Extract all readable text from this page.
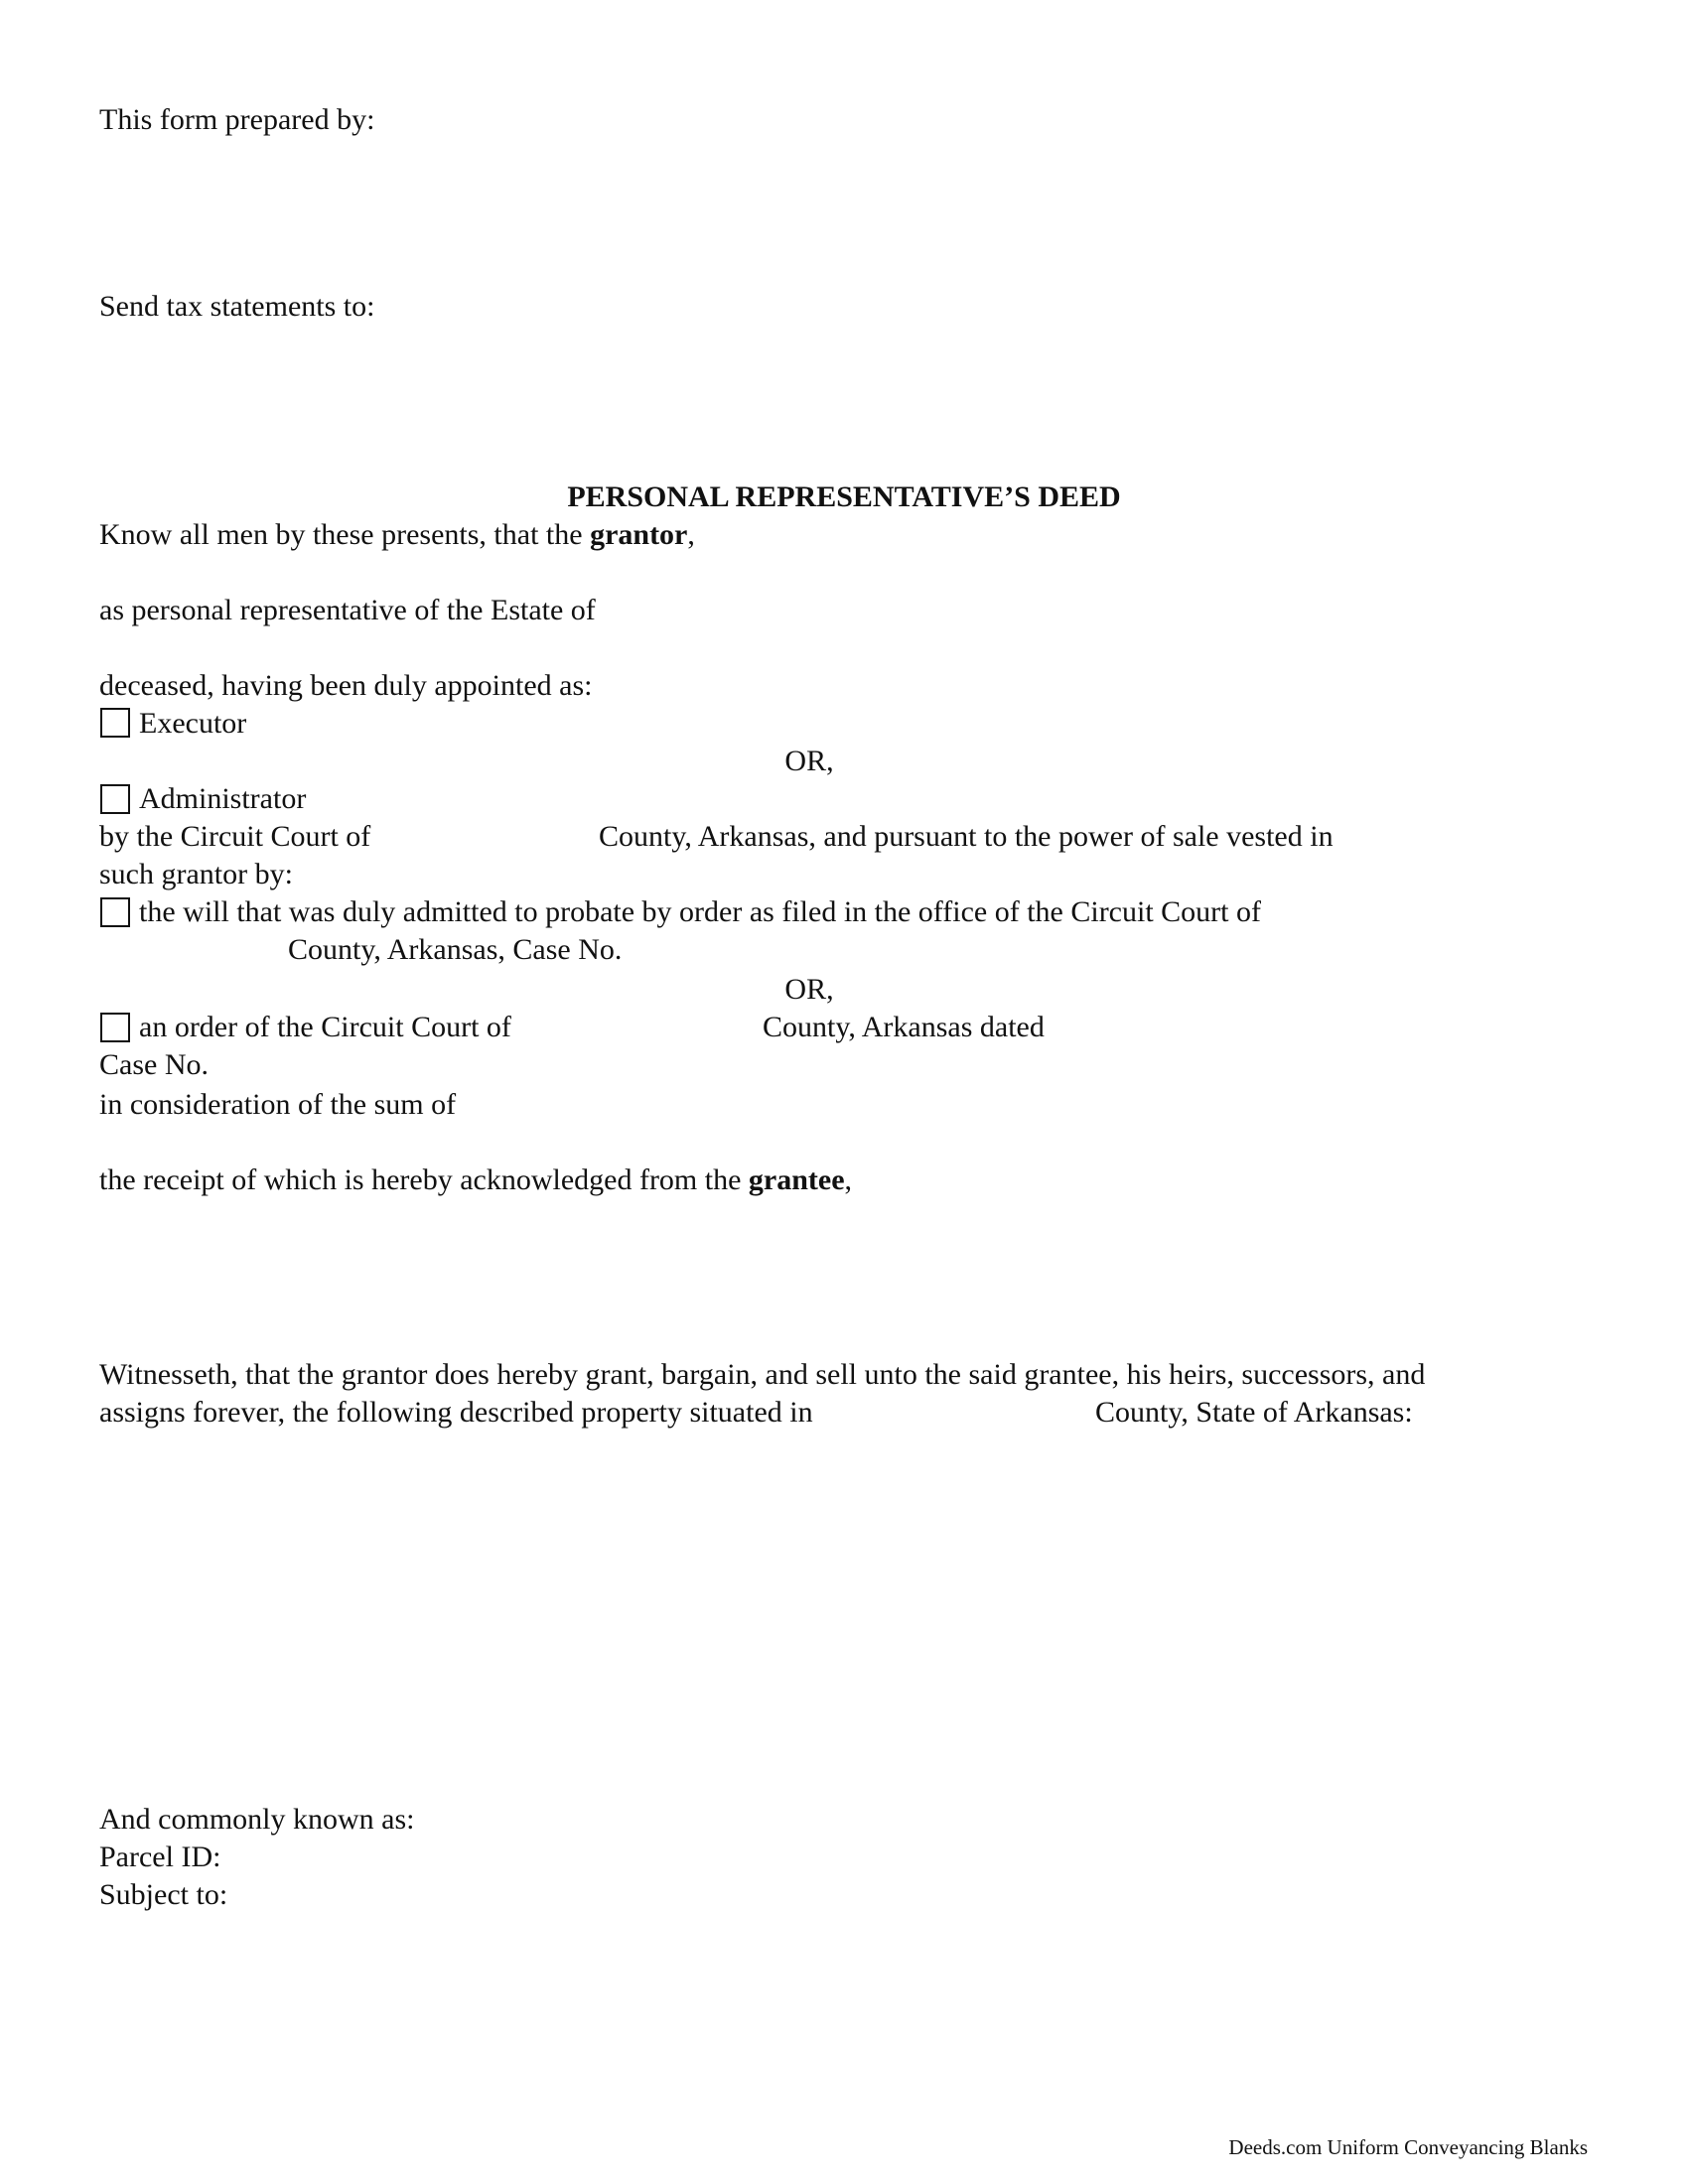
This form prepared by:
Send tax statements to:
PERSONAL REPRESENTATIVE’S DEED
Know all men by these presents, that the grantor,
as personal representative of the Estate of
deceased, having been duly appointed as:
Executor
OR,
Administrator
by the Circuit Court of	County, Arkansas, and pursuant to the power of sale vested in
such grantor by:
the will that was duly admitted to probate by order as filed in the office of the Circuit Court of
County, Arkansas, Case No.
OR,
an order of the Circuit Court of	County, Arkansas dated
Case No.
in consideration of the sum of
the receipt of which is hereby acknowledged from the grantee,
Witnesseth, that the grantor does hereby grant, bargain, and sell unto the said grantee, his heirs, successors, and
assigns forever, the following described property situated in	County, State of Arkansas:
And commonly known as:
Parcel ID:
Subject to:
Deeds.com Uniform Conveyancing Blanks
